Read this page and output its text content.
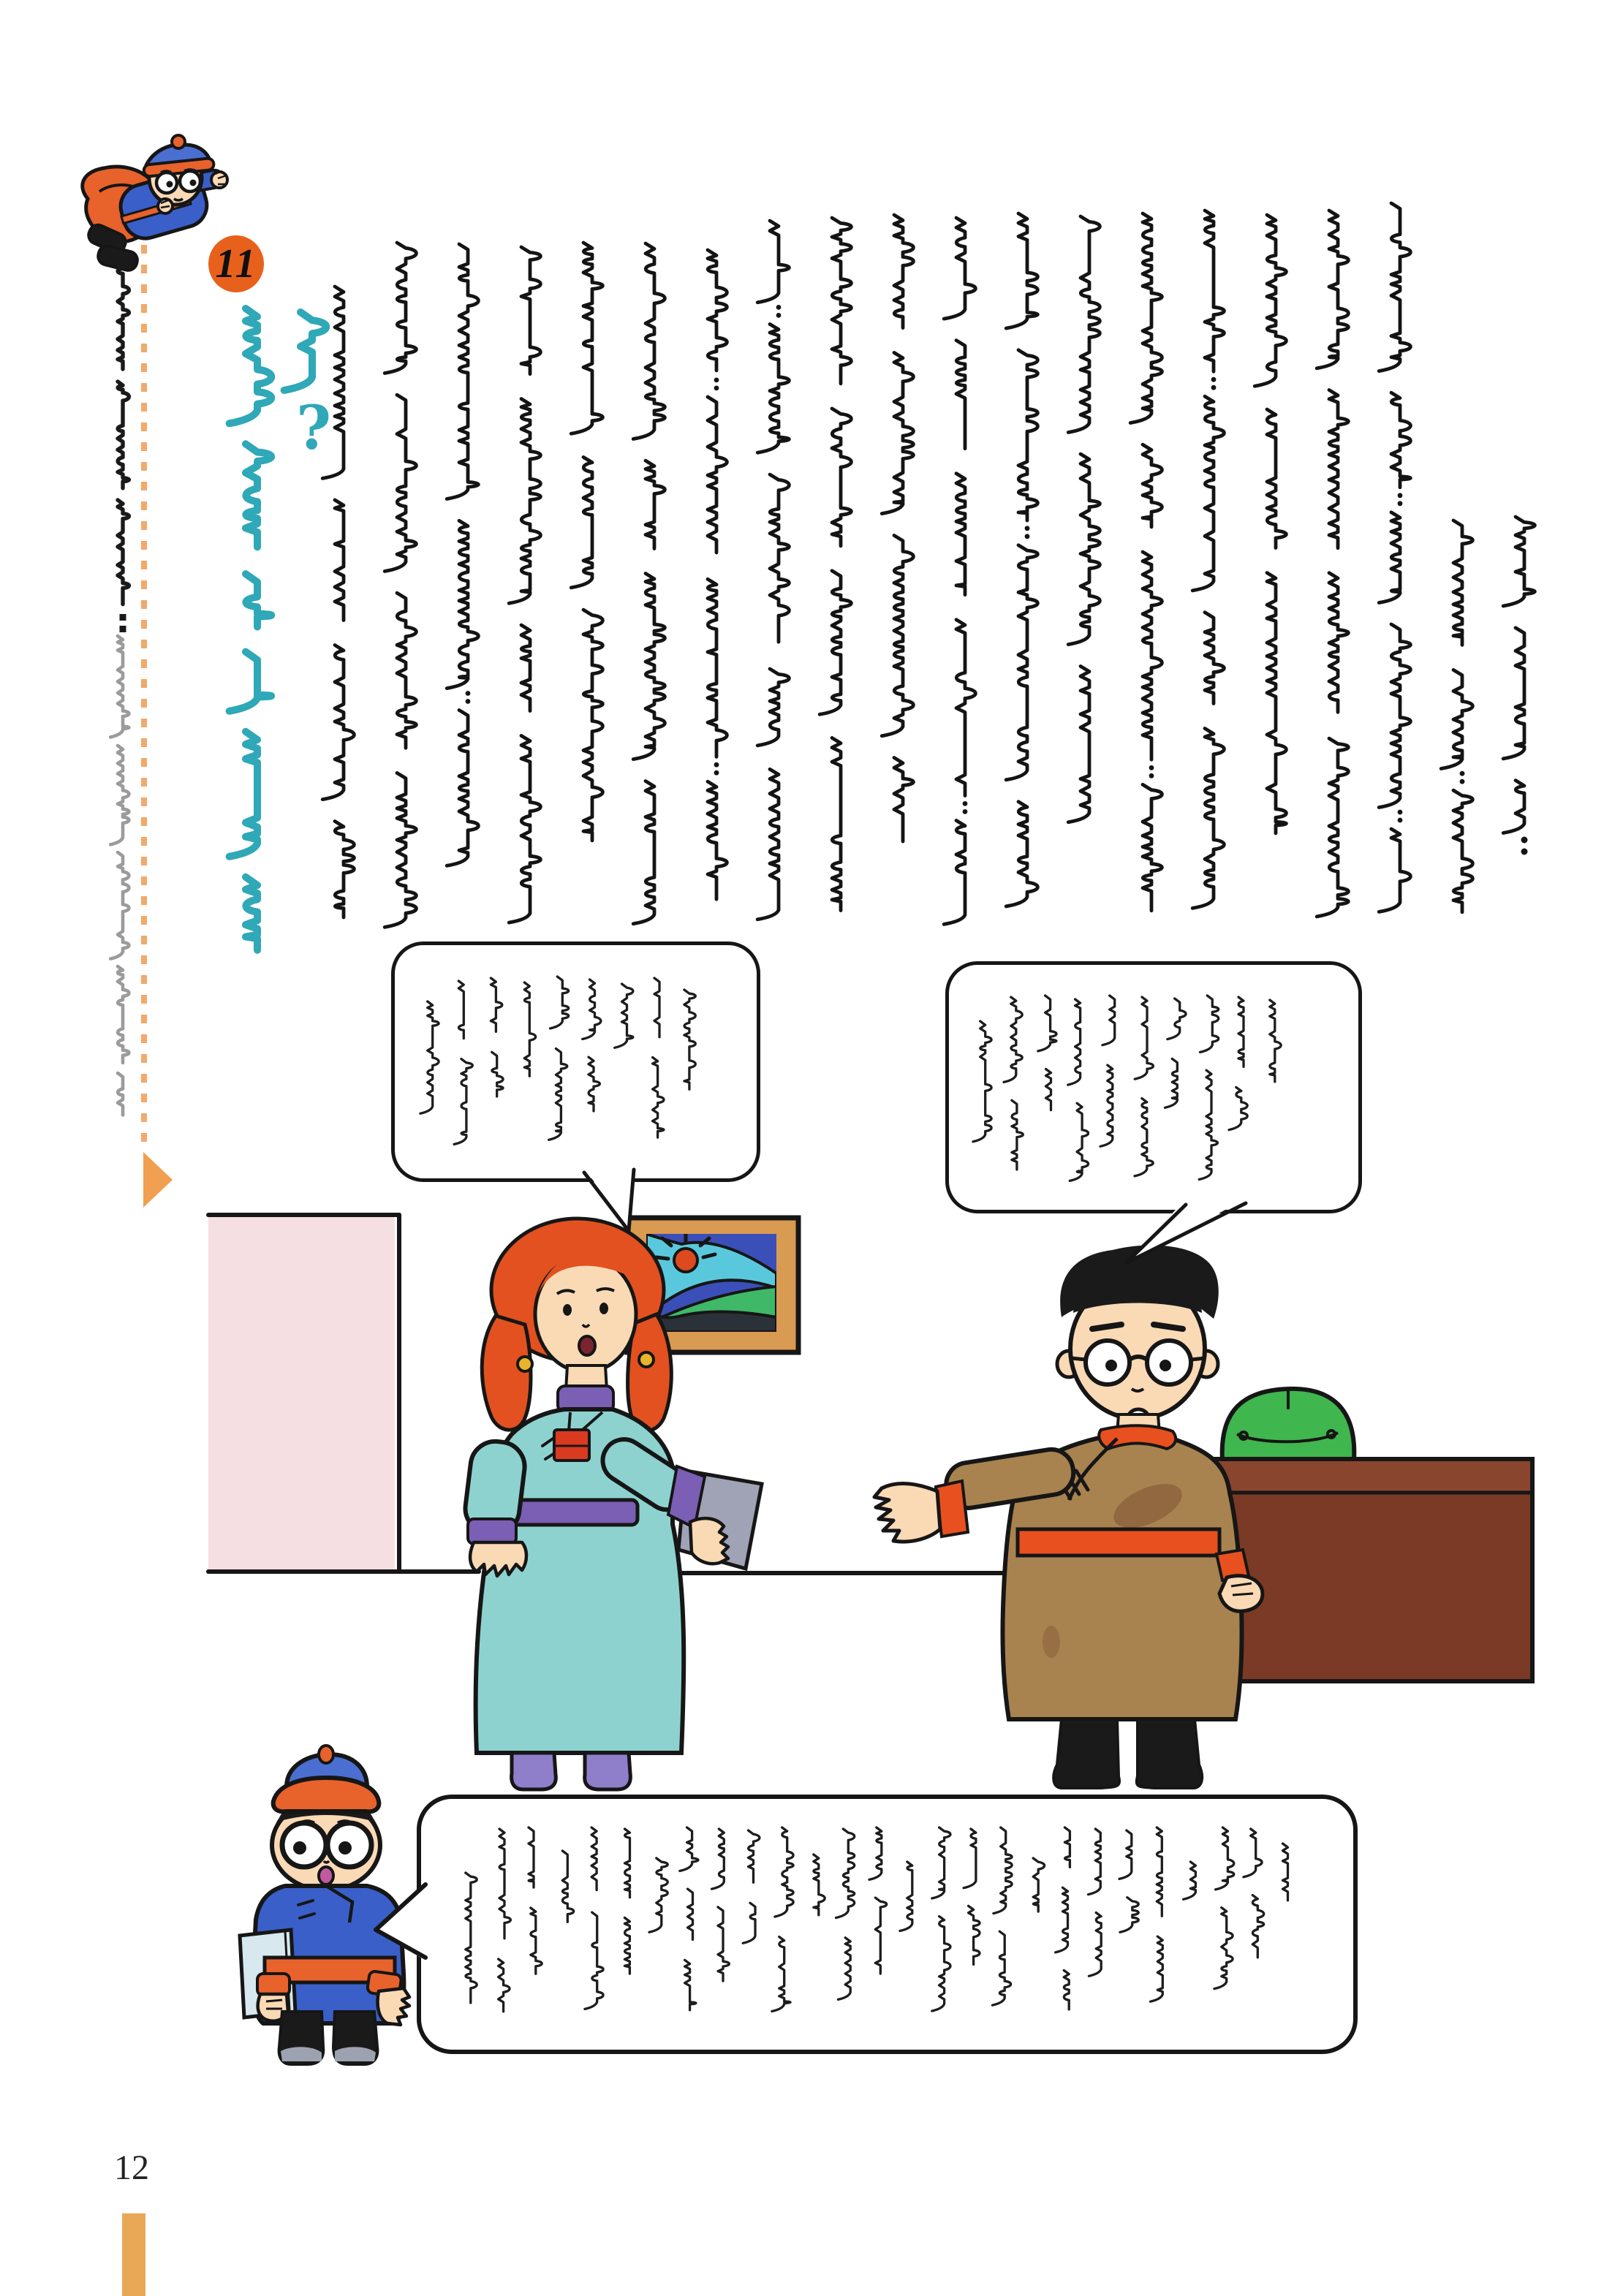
11
?
12
